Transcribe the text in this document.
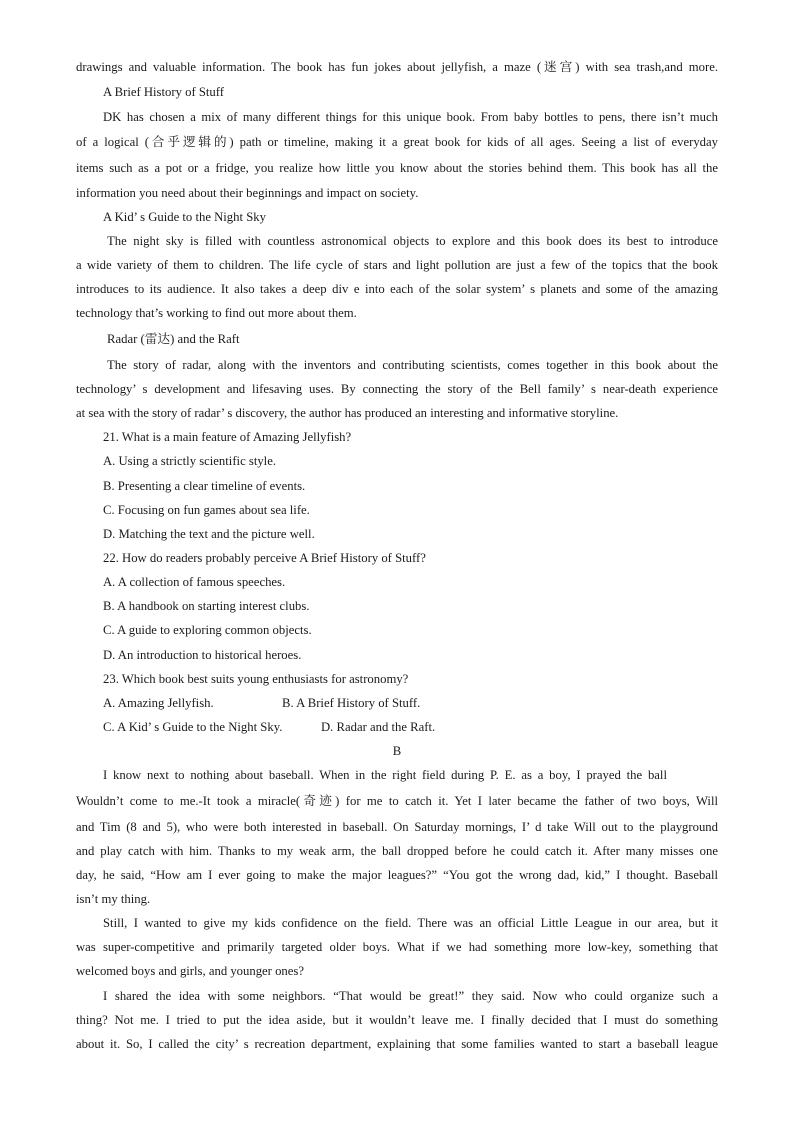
drawings and valuable information. The book has fun jokes about jellyfish, a maze (迷宫) with sea trash,and more.
A Brief History of Stuff
DK has chosen a mix of many different things for this unique book. From baby bottles to pens, there isn’t much
of a logical (合乎逻辑的) path or timeline, making it a great book for kids of all ages. Seeing a list of everyday
items such as a pot or a fridge, you realize how little you know about the stories behind them. This book has all the
information you need about their beginnings and impact on society.
A Kid’ s Guide to the Night Sky
The night sky is filled with countless astronomical objects to explore and this book does its best to introduce
a wide variety of them to children. The life cycle of stars and light pollution are just a few of the topics that the book
introduces to its audience. It also takes a deep div e into each of the solar system’ s planets and some of the amazing
technology that’s working to find out more about them.
Radar (雷达) and the Raft
The story of radar, along with the inventors and contributing scientists, comes together in this book about the
technology’ s development and lifesaving uses. By connecting the story of the Bell family’ s near-death experience
at sea with the story of radar’ s discovery, the author has produced an interesting and informative storyline.
21. What is a main feature of Amazing Jellyfish?
A. Using a strictly scientific style.
B. Presenting a clear timeline of events.
C. Focusing on fun games about sea life.
D. Matching the text and the picture well.
22. How do readers probably perceive A Brief History of Stuff?
A. A collection of famous speeches.
B. A handbook on starting interest clubs.
C. A guide to exploring common objects.
D. An introduction to historical heroes.
23. Which book best suits young enthusiasts for astronomy?
A. Amazing Jellyfish.	B. A Brief History of Stuff.
C. A Kid’ s Guide to the Night Sky.	D. Radar and the Raft.
B
I know next to nothing about baseball. When in the right field during P. E. as a boy, I prayed the ball
Wouldn’t come to me.-It took a miracle(奇迹) for me to catch it. Yet I later became the father of two boys, Will
and Tim (8 and 5), who were both interested in baseball. On Saturday mornings, I’ d take Will out to the playground
and play catch with him. Thanks to my weak arm, the ball dropped before he could catch it. After many misses one
day, he said, “How am I ever going to make the major leagues?” “You got the wrong dad, kid,” I thought. Baseball
isn’t my thing.
Still, I wanted to give my kids confidence on the field. There was an official Little League in our area, but it
was super-competitive and primarily targeted older boys. What if we had something more low-key, something that
welcomed boys and girls, and younger ones?
I shared the idea with some neighbors. “That would be great!” they said. Now who could organize such a
thing? Not me. I tried to put the idea aside, but it wouldn’t leave me. I finally decided that I must do something
about it. So, I called the city’ s recreation department, explaining that some families wanted to start a baseball league
